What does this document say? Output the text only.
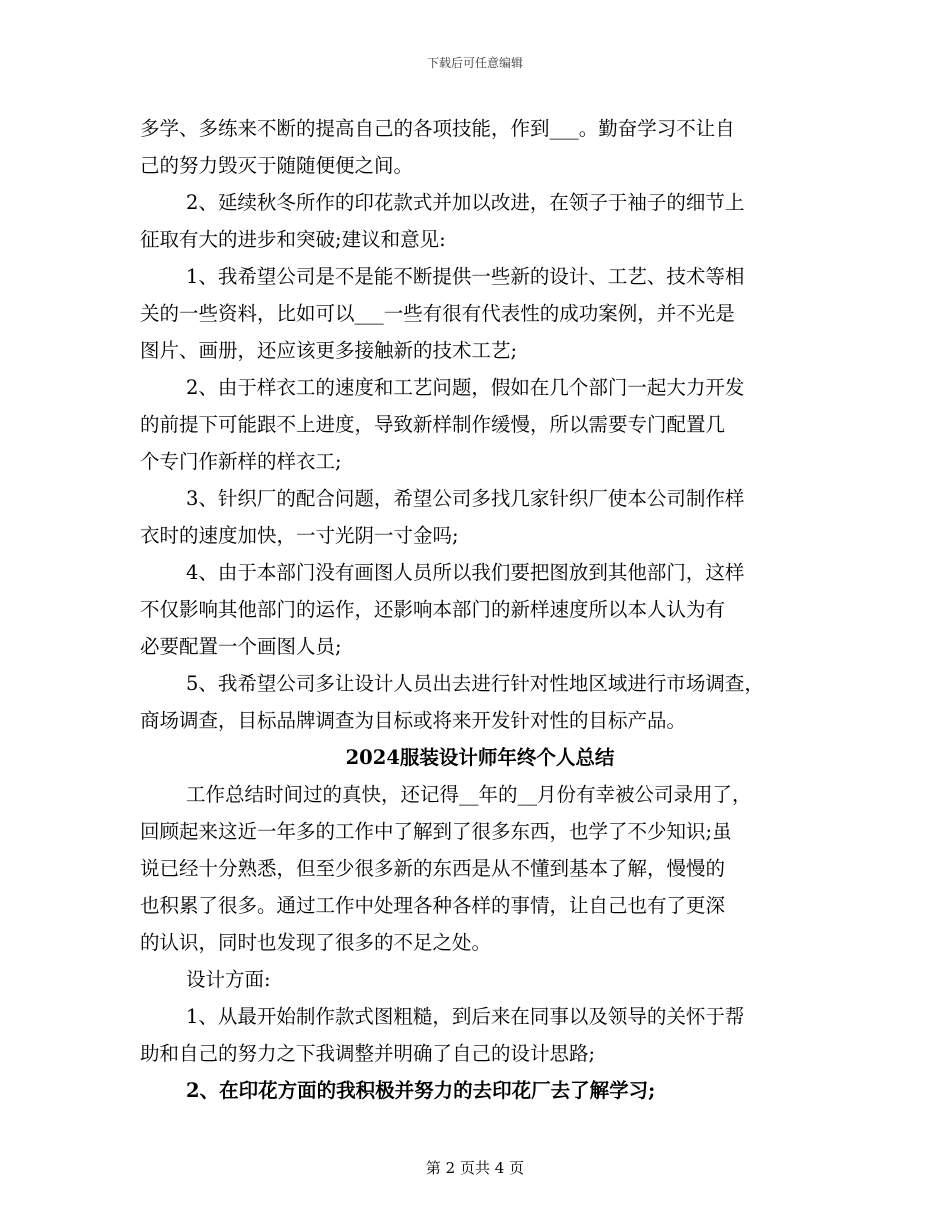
下载后可任意编辑
多学、多练来不断的提高自己的各项技能，作到___。勤奋学习不让自
己的努力毁灭于随随便便之间。
2、延续秋冬所作的印花款式并加以改进，在领子于袖子的细节上
征取有大的进步和突破;建议和意见:
1、我希望公司是不是能不断提供一些新的设计、工艺、技术等相
关的一些资料，比如可以___一些有很有代表性的成功案例，并不光是
图片、画册，还应该更多接触新的技术工艺;
2、由于样衣工的速度和工艺问题，假如在几个部门一起大力开发
的前提下可能跟不上进度，导致新样制作缓慢，所以需要专门配置几
个专门作新样的样衣工;
3、针织厂的配合问题，希望公司多找几家针织厂使本公司制作样
衣时的速度加快，一寸光阴一寸金吗;
4、由于本部门没有画图人员所以我们要把图放到其他部门，这样
不仅影响其他部门的运作，还影响本部门的新样速度所以本人认为有
必要配置一个画图人员;
5、我希望公司多让设计人员出去进行针对性地区域进行市场调查，
商场调查，目标品牌调查为目标或将来开发针对性的目标产品。
2024服装设计师年终个人总结
工作总结时间过的真快，还记得__年的__月份有幸被公司录用了，
回顾起来这近一年多的工作中了解到了很多东西，也学了不少知识;虽
说已经十分熟悉，但至少很多新的东西是从不懂到基本了解，慢慢的
也积累了很多。通过工作中处理各种各样的事情，让自己也有了更深
的认识，同时也发现了很多的不足之处。
设计方面:
1、从最开始制作款式图粗糙，到后来在同事以及领导的关怀于帮
助和自己的努力之下我调整并明确了自己的设计思路;
2、在印花方面的我积极并努力的去印花厂去了解学习;
第 2 页共 4 页
